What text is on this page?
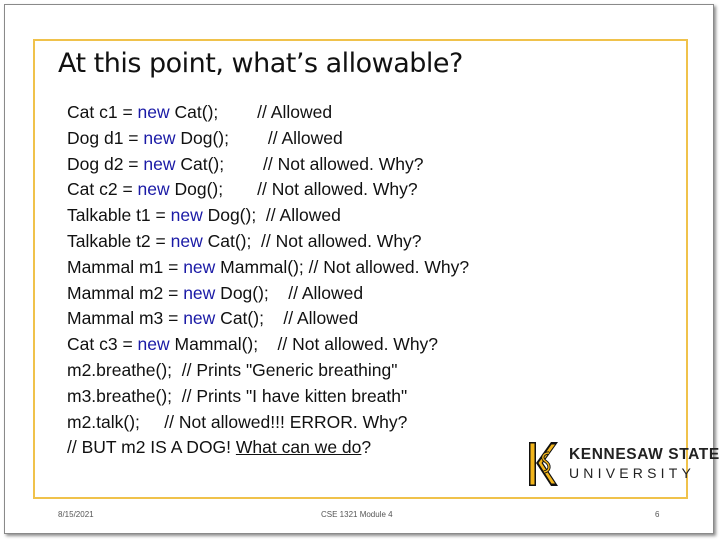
At this point, what’s allowable?
Cat c1 = new Cat();        // Allowed
Dog d1 = new Dog();        // Allowed
Dog d2 = new Cat();        // Not allowed. Why?
Cat c2 = new Dog();       // Not allowed. Why?
Talkable t1 = new Dog();  // Allowed
Talkable t2 = new Cat();  // Not allowed. Why?
Mammal m1 = new Mammal(); // Not allowed. Why?
Mammal m2 = new Dog();    // Allowed
Mammal m3 = new Cat();    // Allowed
Cat c3 = new Mammal();    // Not allowed. Why?
m2.breathe();  // Prints "Generic breathing"
m3.breathe();  // Prints "I have kitten breath"
m2.talk();     // Not allowed!!! ERROR. Why?
// BUT m2 IS A DOG! What can we do?	KENNESAW STATE
UNIVERSITY
8/15/2021	CSE 1321 Module 4	6
